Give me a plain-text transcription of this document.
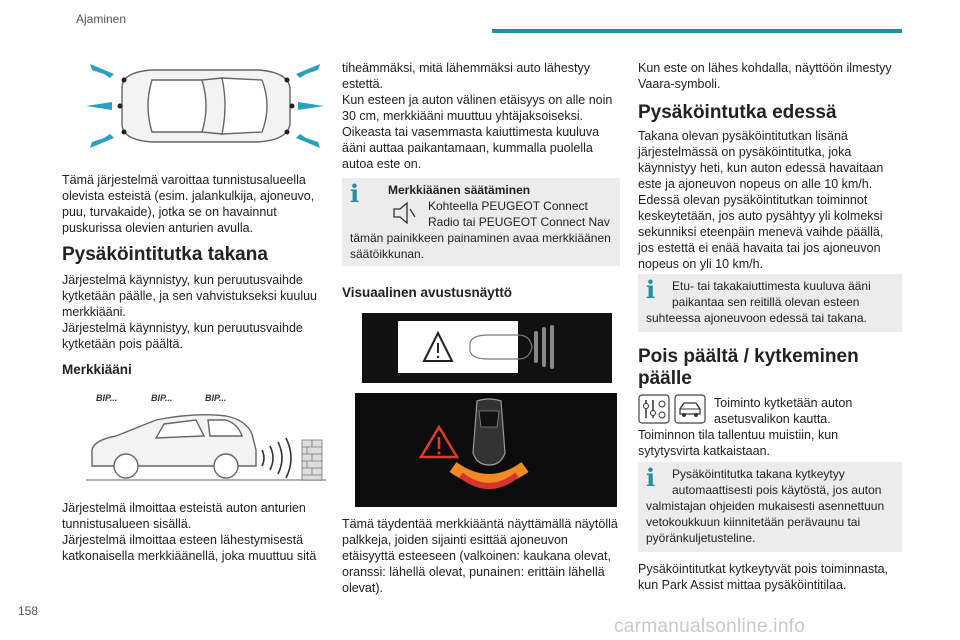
Ajaminen

Tämä järjestelmä varoittaa tunnistusalueella olevista esteistä (esim. jalankulkija, ajoneuvo, puu, turvakaide), jotka se on havainnut puskurissa olevien anturien avulla.

Pysäköintitutka takana

Järjestelmä käynnistyy, kun peruutusvaihde kytketään päälle, ja sen vahvistukseksi kuuluu merkkiääni.

Järjestelmä käynnistyy, kun peruutusvaihde kytketään pois päältä.

Merkkiääni
BIP...	BIP...	BIP...

Järjestelmä ilmoittaa esteistä auton anturien tunnistusalueen sisällä.

Järjestelmä ilmoittaa esteen lähestymisestä katkonaisella merkkiäänellä, joka muuttuu sitä

tiheämmäksi, mitä lähemmäksi auto lähestyy estettä.

Kun esteen ja auton välinen etäisyys on alle noin 30 cm, merkkiääni muuttuu yhtäjaksoiseksi.

Oikeasta tai vasemmasta kaiuttimesta kuuluva ääni auttaa paikantamaan, kummalla puolella autoa este on.

i Merkkiäänen säätäminen
Kohteella PEUGEOT Connect
Radio tai PEUGEOT Connect Nav
tämän painikkeen painaminen avaa merkkiäänen säätöikkunan.
Visuaalinen avustusnäyttö

Tämä täydentää merkkiääntä näyttämällä näytöllä palkkeja, joiden sijainti esittää ajoneuvon etäisyyttä esteeseen (valkoinen: kaukana olevat, oranssi: lähellä olevat, punainen: erittäin lähellä olevat).

Kun este on lähes kohdalla, näyttöön ilmestyy Vaara-symboli.

Pysäköintutka edessä

Takana olevan pysäköintitutkan lisänä järjestelmässä on pysäköintitutka, joka käynnistyy heti, kun auton edessä havaitaan este ja ajoneuvon nopeus on alle 10 km/h. Edessä olevan pysäköintitutkan toiminnot keskeytetään, jos auto pysähtyy yli kolmeksi sekunniksi eteenpäin menevä vaihde päällä, jos estettä ei enää havaita tai jos ajoneuvon nopeus on yli 10 km/h.

i Etu- tai takakaiuttimesta kuuluva ääni
paikantaa sen reitillä olevan esteen
suhteessa ajoneuvoon edessä tai takana.
Pois päältä / kytkeminen päälle
Toiminto kytketään auton
asetusvalikon kautta.

Toiminnon tila tallentuu muistiin, kun sytytysvirta katkaistaan.

i Pysäköintitutka takana kytkeytyy
automaattisesti pois käytöstä, jos auton
valmistajan ohjeiden mukaisesti asennettuun vetokoukkuun kiinnitetään perävaunu tai pyöränkuljetusteline.

Pysäköintitutkat kytkeytyvät pois toiminnasta, kun Park Assist mittaa pysäköintitilaa.

158
carmanualsonline.info
